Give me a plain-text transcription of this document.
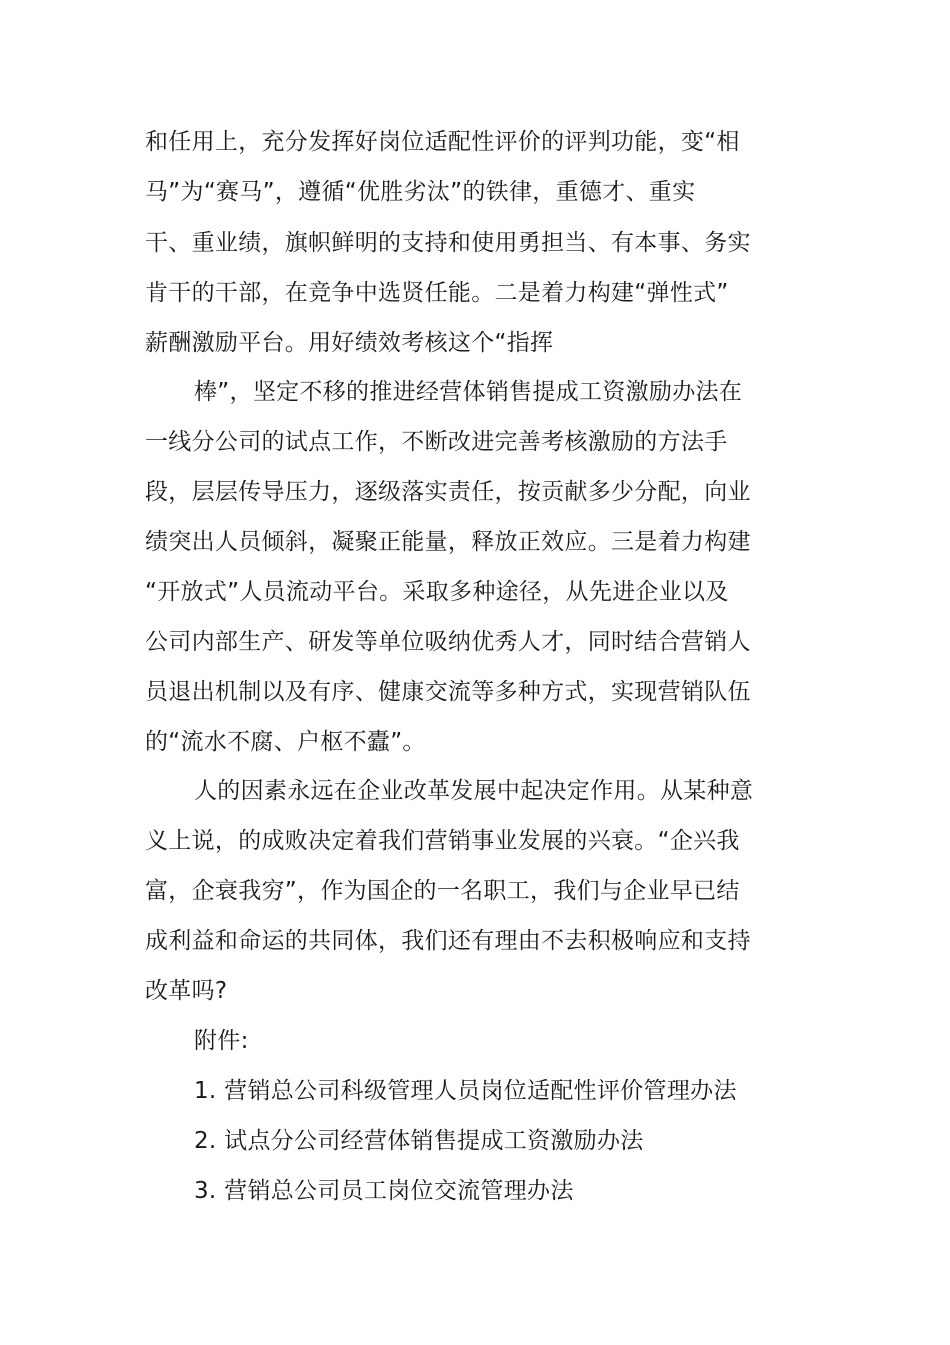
和任用上，充分发挥好岗位适配性评价的评判功能，变“相
马”为“赛马”，遵循“优胜劣汰”的铁律，重德才、重实
干、重业绩，旗帜鲜明的支持和使用勇担当、有本事、务实
肯干的干部，在竞争中选贤任能。二是着力构建“弹性式”
薪酬激励平台。用好绩效考核这个“指挥
棒”，坚定不移的推进经营体销售提成工资激励办法在
一线分公司的试点工作，不断改进完善考核激励的方法手
段，层层传导压力，逐级落实责任，按贡献多少分配，向业
绩突出人员倾斜，凝聚正能量，释放正效应。三是着力构建
“开放式”人员流动平台。采取多种途径，从先进企业以及
公司内部生产、研发等单位吸纳优秀人才，同时结合营销人
员退出机制以及有序、健康交流等多种方式，实现营销队伍
的“流水不腐、户枢不蠹”。
人的因素永远在企业改革发展中起决定作用。从某种意
义上说，的成败决定着我们营销事业发展的兴衰。“企兴我
富，企衰我穷”，作为国企的一名职工，我们与企业早已结
成利益和命运的共同体，我们还有理由不去积极响应和支持
改革吗?
附件:
1. 营销总公司科级管理人员岗位适配性评价管理办法
2. 试点分公司经营体销售提成工资激励办法
3. 营销总公司员工岗位交流管理办法
